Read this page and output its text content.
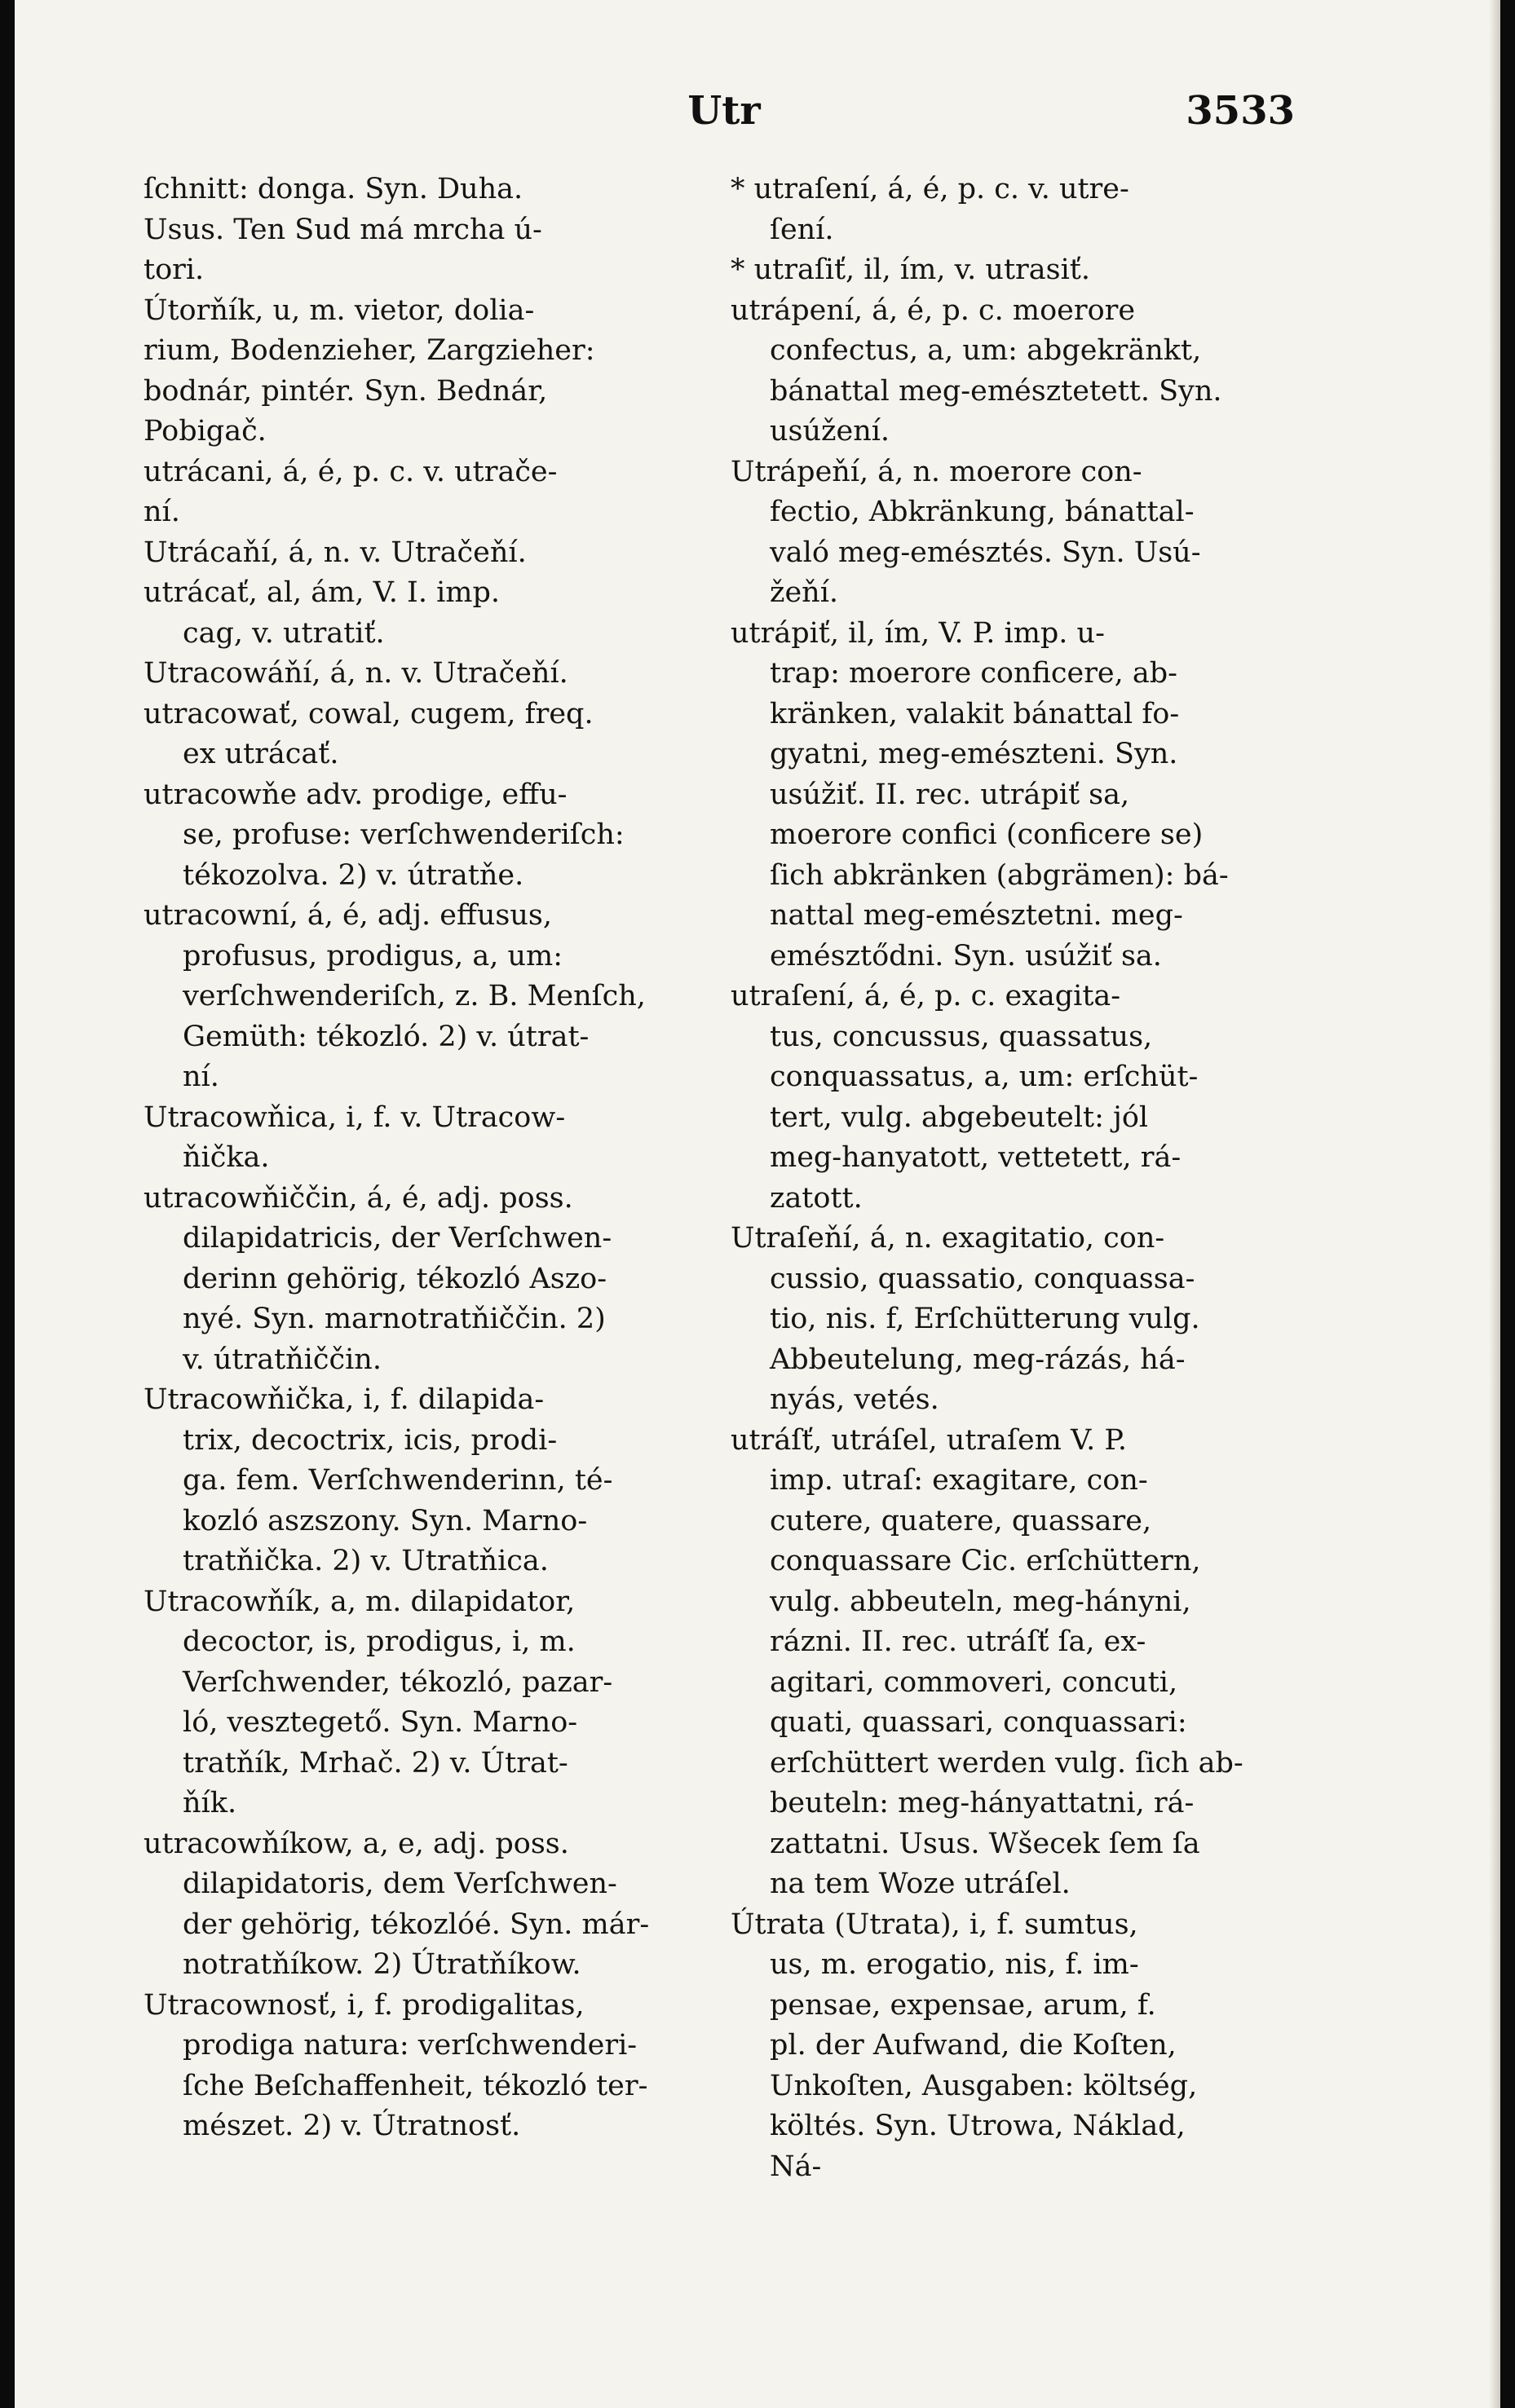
Utr	3533
ſchnitt: donga. Syn. Duha.
Usus. Ten Sud má mrcha ú-
tori.
Útorňík, u, m. vietor, dolia-
rium, Bodenzieher, Zargzieher:
bodnár, pintér. Syn. Bednár,
Pobigač.
utrácani, á, é, p. c. v. utrače-
ní.
Utrácaňí, á, n. v. Utračeňí.
utrácať, al, ám, V. I. imp.
cag, v. utratiť.
Utracowáňí, á, n. v. Utračeňí.
utracowať, cowal, cugem, freq.
ex utrácať.
utracowňe adv. prodige, effu-
se, profuse: verſchwenderiſch:
tékozolva. 2) v. útratňe.
utracowní, á, é, adj. effusus,
profusus, prodigus, a, um:
verſchwenderiſch, z. B. Menſch,
Gemüth: tékozló. 2) v. útrat-
ní.
Utracowňica, i, f. v. Utracow-
ňička.
utracowňiččin, á, é, adj. poss.
dilapidatricis, der Verſchwen-
derinn gehörig, tékozló Aszo-
nyé. Syn. marnotratňiččin. 2)
v. útratňiččin.
Utracowňička, i, f. dilapida-
trix, decoctrix, icis, prodi-
ga. fem. Verſchwenderinn, té-
kozló aszszony. Syn. Marno-
tratňička. 2) v. Utratňica.
Utracowňík, a, m. dilapidator,
decoctor, is, prodigus, i, m.
Verſchwender, tékozló, pazar-
ló, vesztegető. Syn. Marno-
tratňík, Mrhač. 2) v. Útrat-
ňík.
utracowňíkow, a, e, adj. poss.
dilapidatoris, dem Verſchwen-
der gehörig, tékozlóé. Syn. már-
notratňíkow. 2) Útratňíkow.
Utracownosť, i, f. prodigalitas,
prodiga natura: verſchwenderi-
ſche Beſchaffenheit, tékozló ter-
mészet. 2) v. Útratnosť.
* utraſení, á, é, p. c. v. utre-
ſení.
* utraſiť, il, ím, v. utrasiť.
utrápení, á, é, p. c. moerore
confectus, a, um: abgekränkt,
bánattal meg-emésztetett. Syn.
usúžení.
Utrápeňí, á, n. moerore con-
fectio, Abkränkung, bánattal-
való meg-emésztés. Syn. Usú-
žeňí.
utrápiť, il, ím, V. P. imp. u-
trap: moerore conficere, ab-
kränken, valakit bánattal fo-
gyatni, meg-emészteni. Syn.
usúžiť. II. rec. utrápiť sa,
moerore confici (conficere se)
ſich abkränken (abgrämen): bá-
nattal meg-emésztetni. meg-
emésztődni. Syn. usúžiť sa.
utraſení, á, é, p. c. exagita-
tus, concussus, quassatus,
conquassatus, a, um: erſchüt-
tert, vulg. abgebeutelt: jól
meg-hanyatott, vettetett, rá-
zatott.
Utraſeňí, á, n. exagitatio, con-
cussio, quassatio, conquassa-
tio, nis. f, Erſchütterung vulg.
Abbeutelung, meg-rázás, há-
nyás, vetés.
utráſť, utráſel, utraſem V. P.
imp. utraſ: exagitare, con-
cutere, quatere, quassare,
conquassare Cic. erſchüttern,
vulg. abbeuteln, meg-hányni,
rázni. II. rec. utráſť ſa, ex-
agitari, commoveri, concuti,
quati, quassari, conquassari:
erſchüttert werden vulg. ſich ab-
beuteln: meg-hányattatni, rá-
zattatni. Usus. Wšecek ſem ſa
na tem Woze utráſel.
Útrata (Utrata), i, f. sumtus,
us, m. erogatio, nis, f. im-
pensae, expensae, arum, f.
pl. der Aufwand, die Koſten,
Unkoſten, Ausgaben: költség,
költés. Syn. Utrowa, Náklad,
Ná-
